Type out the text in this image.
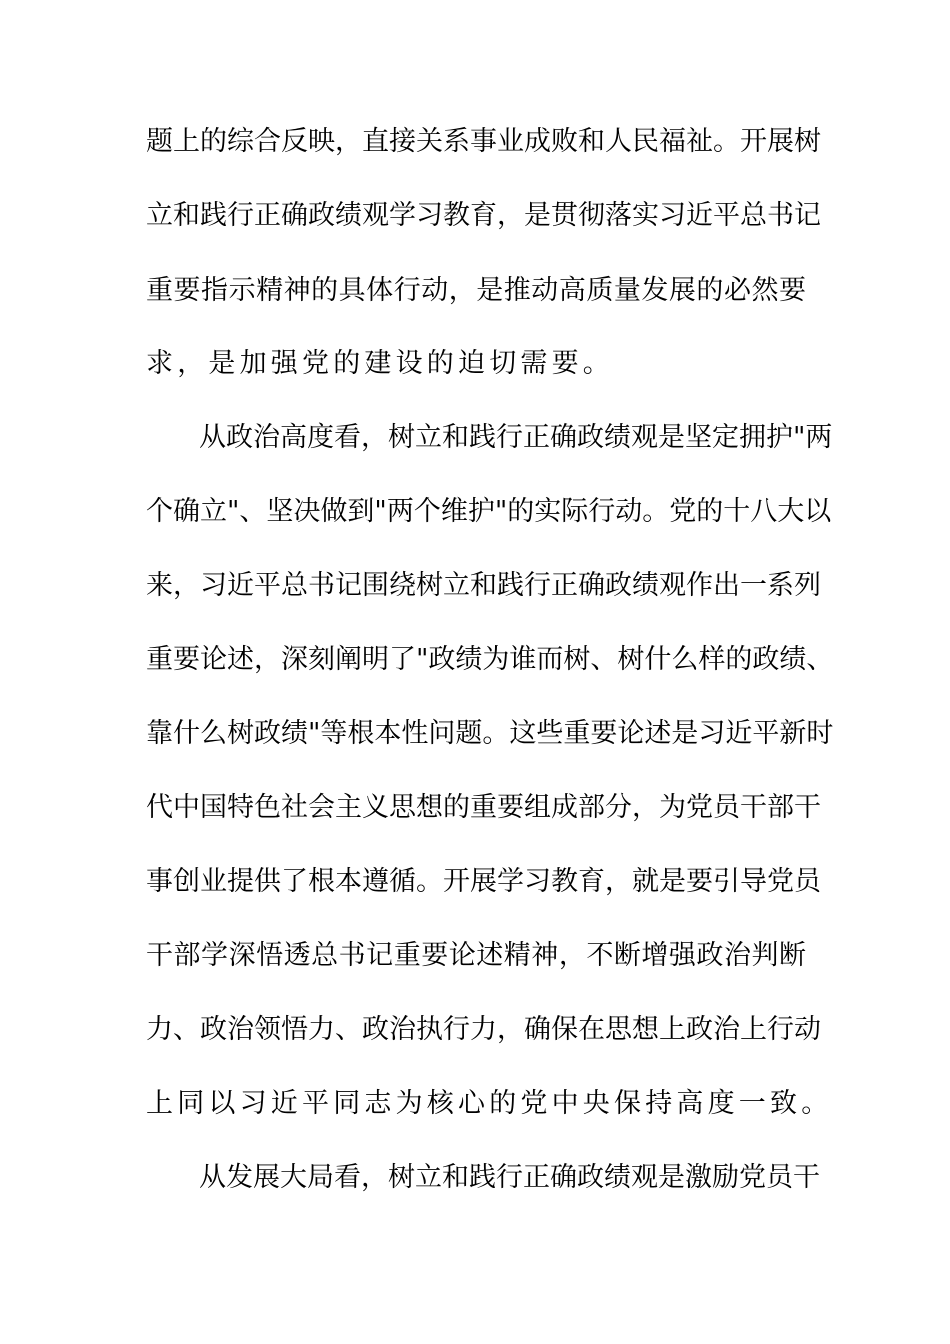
题上的综合反映，直接关系事业成败和人民福祉。开展树
立和践行正确政绩观学习教育，是贯彻落实习近平总书记
重要指示精神的具体行动，是推动高质量发展的必然要
求，是加强党的建设的迫切需要。
从政治高度看，树立和践行正确政绩观是坚定拥护"两
个确立"、坚决做到"两个维护"的实际行动。党的十八大以
来，习近平总书记围绕树立和践行正确政绩观作出一系列
重要论述，深刻阐明了"政绩为谁而树、树什么样的政绩、
靠什么树政绩"等根本性问题。这些重要论述是习近平新时
代中国特色社会主义思想的重要组成部分，为党员干部干
事创业提供了根本遵循。开展学习教育，就是要引导党员
干部学深悟透总书记重要论述精神，不断增强政治判断
力、政治领悟力、政治执行力，确保在思想上政治上行动
上同以习近平同志为核心的党中央保持高度一致。
从发展大局看，树立和践行正确政绩观是激励党员干
